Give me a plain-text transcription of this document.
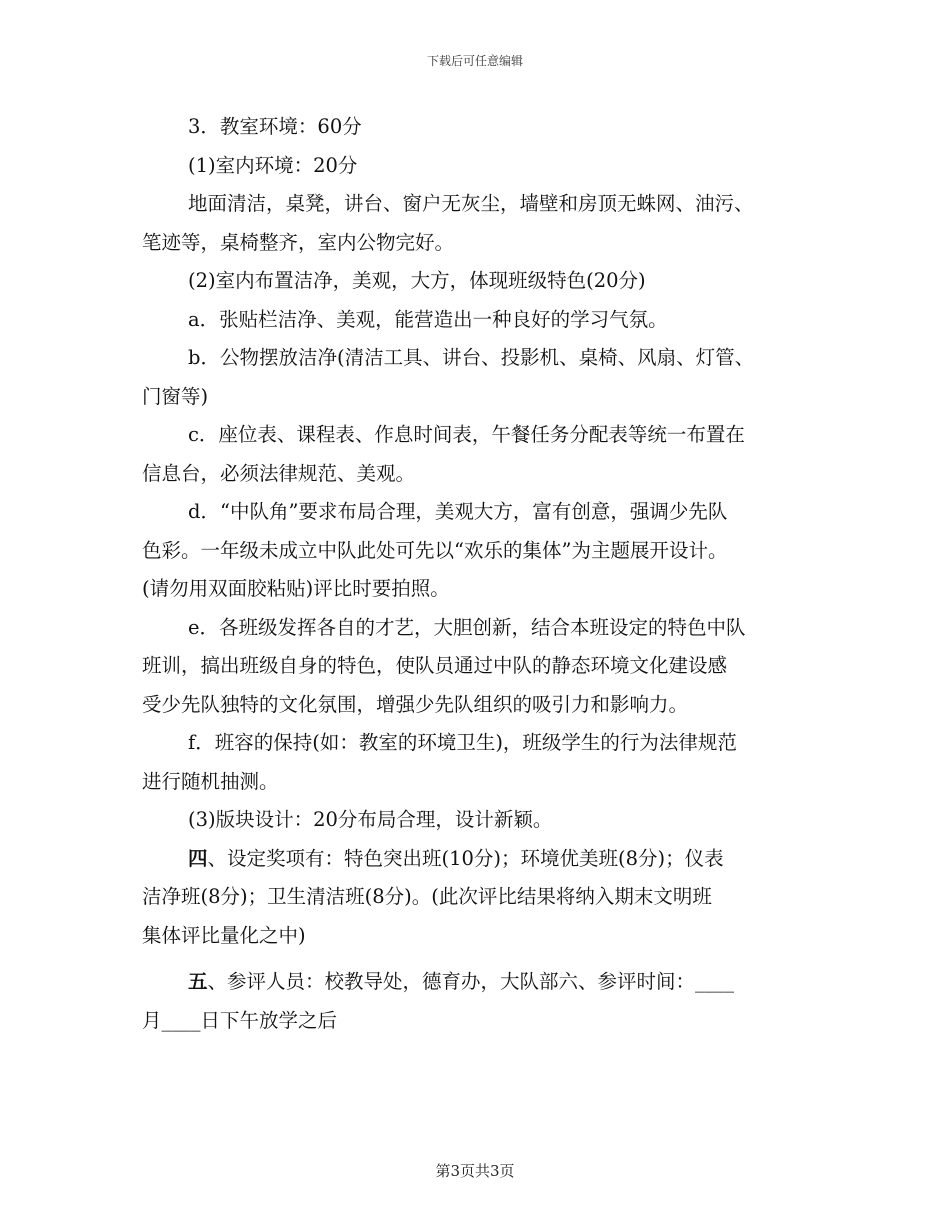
下载后可任意编辑

3．教室环境：60分

(1)室内环境：20分

地面清洁，桌凳，讲台、窗户无灰尘，墙壁和房顶无蛛网、油污、

笔迹等，桌椅整齐，室内公物完好。

(2)室内布置洁净，美观，大方，体现班级特色(20分)

a．张贴栏洁净、美观，能营造出一种良好的学习气氛。

b．公物摆放洁净(清洁工具、讲台、投影机、桌椅、风扇、灯管、

门窗等)

c．座位表、课程表、作息时间表，午餐任务分配表等统一布置在

信息台，必须法律规范、美观。

d．“中队角”要求布局合理，美观大方，富有创意，强调少先队

色彩。一年级未成立中队此处可先以“欢乐的集体”为主题展开设计。

(请勿用双面胶粘贴)评比时要拍照。

e．各班级发挥各自的才艺，大胆创新，结合本班设定的特色中队

班训，搞出班级自身的特色，使队员通过中队的静态环境文化建设感

受少先队独特的文化氛围，增强少先队组织的吸引力和影响力。

f．班容的保持(如：教室的环境卫生)，班级学生的行为法律规范

进行随机抽测。

(3)版块设计：20分布局合理，设计新颖。

四、设定奖项有：特色突出班(10分)；环境优美班(8分)；仪表

洁净班(8分)；卫生清洁班(8分)。(此次评比结果将纳入期末文明班

集体评比量化之中)

五、参评人员：校教导处，德育办，大队部六、参评时间：____

月____日下午放学之后

第3页共3页
